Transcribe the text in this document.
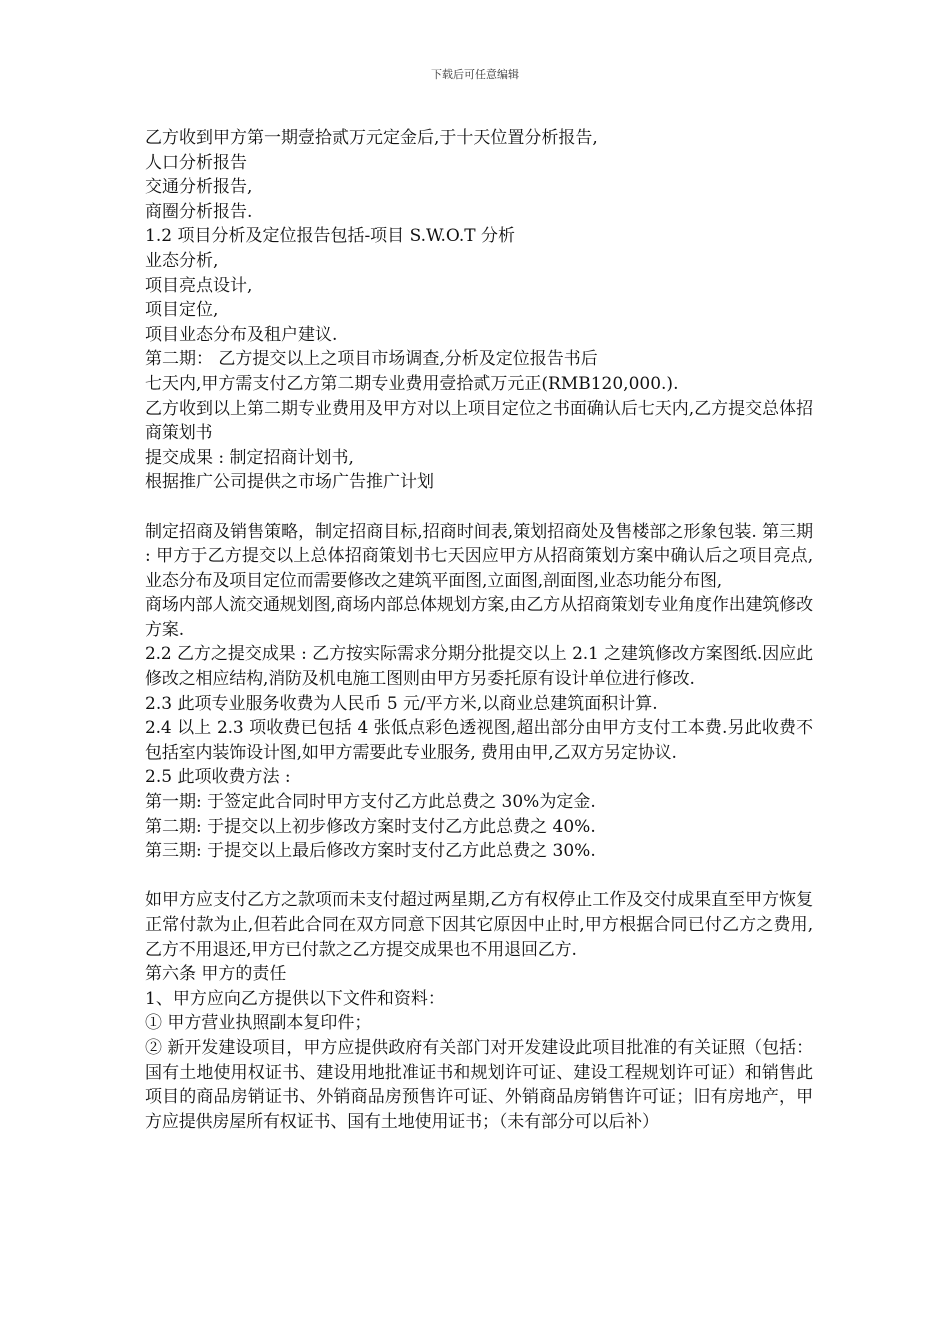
下载后可任意编辑
乙方收到甲方第一期壹拾贰万元定金后,于十天位置分析报告,
人口分析报告
交通分析报告,
商圈分析报告.
1.2 项目分析及定位报告包括-项目 S.W.O.T 分析
业态分析,
项目亮点设计,
项目定位,
项目业态分布及租户建议.
第二期： 乙方提交以上之项目市场调查,分析及定位报告书后
七天内,甲方需支付乙方第二期专业费用壹拾贰万元正(RMB120,000.).
乙方收到以上第二期专业费用及甲方对以上项目定位之书面确认后七天内,乙方提交总体招商策划书
提交成果 : 制定招商计划书,
根据推广公司提供之市场广告推广计划
制定招商及销售策略，制定招商目标,招商时间表,策划招商处及售楼部之形象包装. 第三期 : 甲方于乙方提交以上总体招商策划书七天因应甲方从招商策划方案中确认后之项目亮点,业态分布及项目定位而需要修改之建筑平面图,立面图,剖面图,业态功能分布图,
商场内部人流交通规划图,商场内部总体规划方案,由乙方从招商策划专业角度作出建筑修改方案.
2.2 乙方之提交成果 : 乙方按实际需求分期分批提交以上 2.1 之建筑修改方案图纸.因应此修改之相应结构,消防及机电施工图则由甲方另委托原有设计单位进行修改.
2.3 此项专业服务收费为人民币 5 元/平方米,以商业总建筑面积计算.
2.4 以上 2.3 项收费已包括 4 张低点彩色透视图,超出部分由甲方支付工本费.另此收费不包括室内装饰设计图,如甲方需要此专业服务, 费用由甲,乙双方另定协议.
2.5 此项收费方法 :
第一期: 于签定此合同时甲方支付乙方此总费之 30%为定金.
第二期: 于提交以上初步修改方案时支付乙方此总费之 40%.
第三期: 于提交以上最后修改方案时支付乙方此总费之 30%.
如甲方应支付乙方之款项而未支付超过两星期,乙方有权停止工作及交付成果直至甲方恢复正常付款为止,但若此合同在双方同意下因其它原因中止时,甲方根据合同已付乙方之费用,乙方不用退还,甲方已付款之乙方提交成果也不用退回乙方.
第六条 甲方的责任
1、甲方应向乙方提供以下文件和资料：
① 甲方营业执照副本复印件；
② 新开发建设项目，甲方应提供政府有关部门对开发建设此项目批准的有关证照（包括：国有土地使用权证书、建设用地批准证书和规划许可证、建设工程规划许可证）和销售此项目的商品房销证书、外销商品房预售许可证、外销商品房销售许可证；旧有房地产，甲方应提供房屋所有权证书、国有土地使用证书；（未有部分可以后补）
